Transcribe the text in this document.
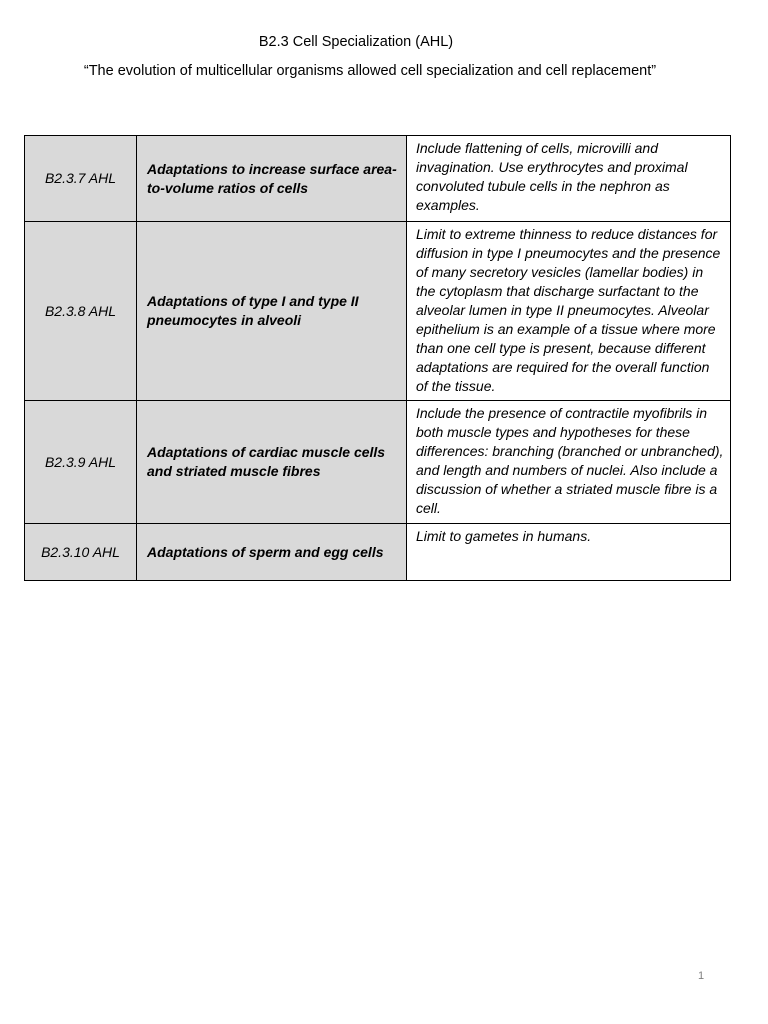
B2.3 Cell Specialization (AHL)
“The evolution of multicellular organisms allowed cell specialization and cell replacement”
B2.3.7 AHL	Adaptations to increase surface area-to-volume ratios of cells	Include flattening of cells, microvilli and invagination. Use erythrocytes and proximal convoluted tubule cells in the nephron as examples.
B2.3.8 AHL	Adaptations of type I and type II pneumocytes in alveoli	Limit to extreme thinness to reduce distances for diffusion in type I pneumocytes and the presence of many secretory vesicles (lamellar bodies) in the cytoplasm that discharge surfactant to the alveolar lumen in type II pneumocytes. Alveolar epithelium is an example of a tissue where more than one cell type is present, because different adaptations are required for the overall function of the tissue.
B2.3.9 AHL	Adaptations of cardiac muscle cells and striated muscle fibres	Include the presence of contractile myofibrils in both muscle types and hypotheses for these differences: branching (branched or unbranched), and length and numbers of nuclei. Also include a discussion of whether a striated muscle fibre is a cell.
B2.3.10 AHL	Adaptations of sperm and egg cells	Limit to gametes in humans.
1
